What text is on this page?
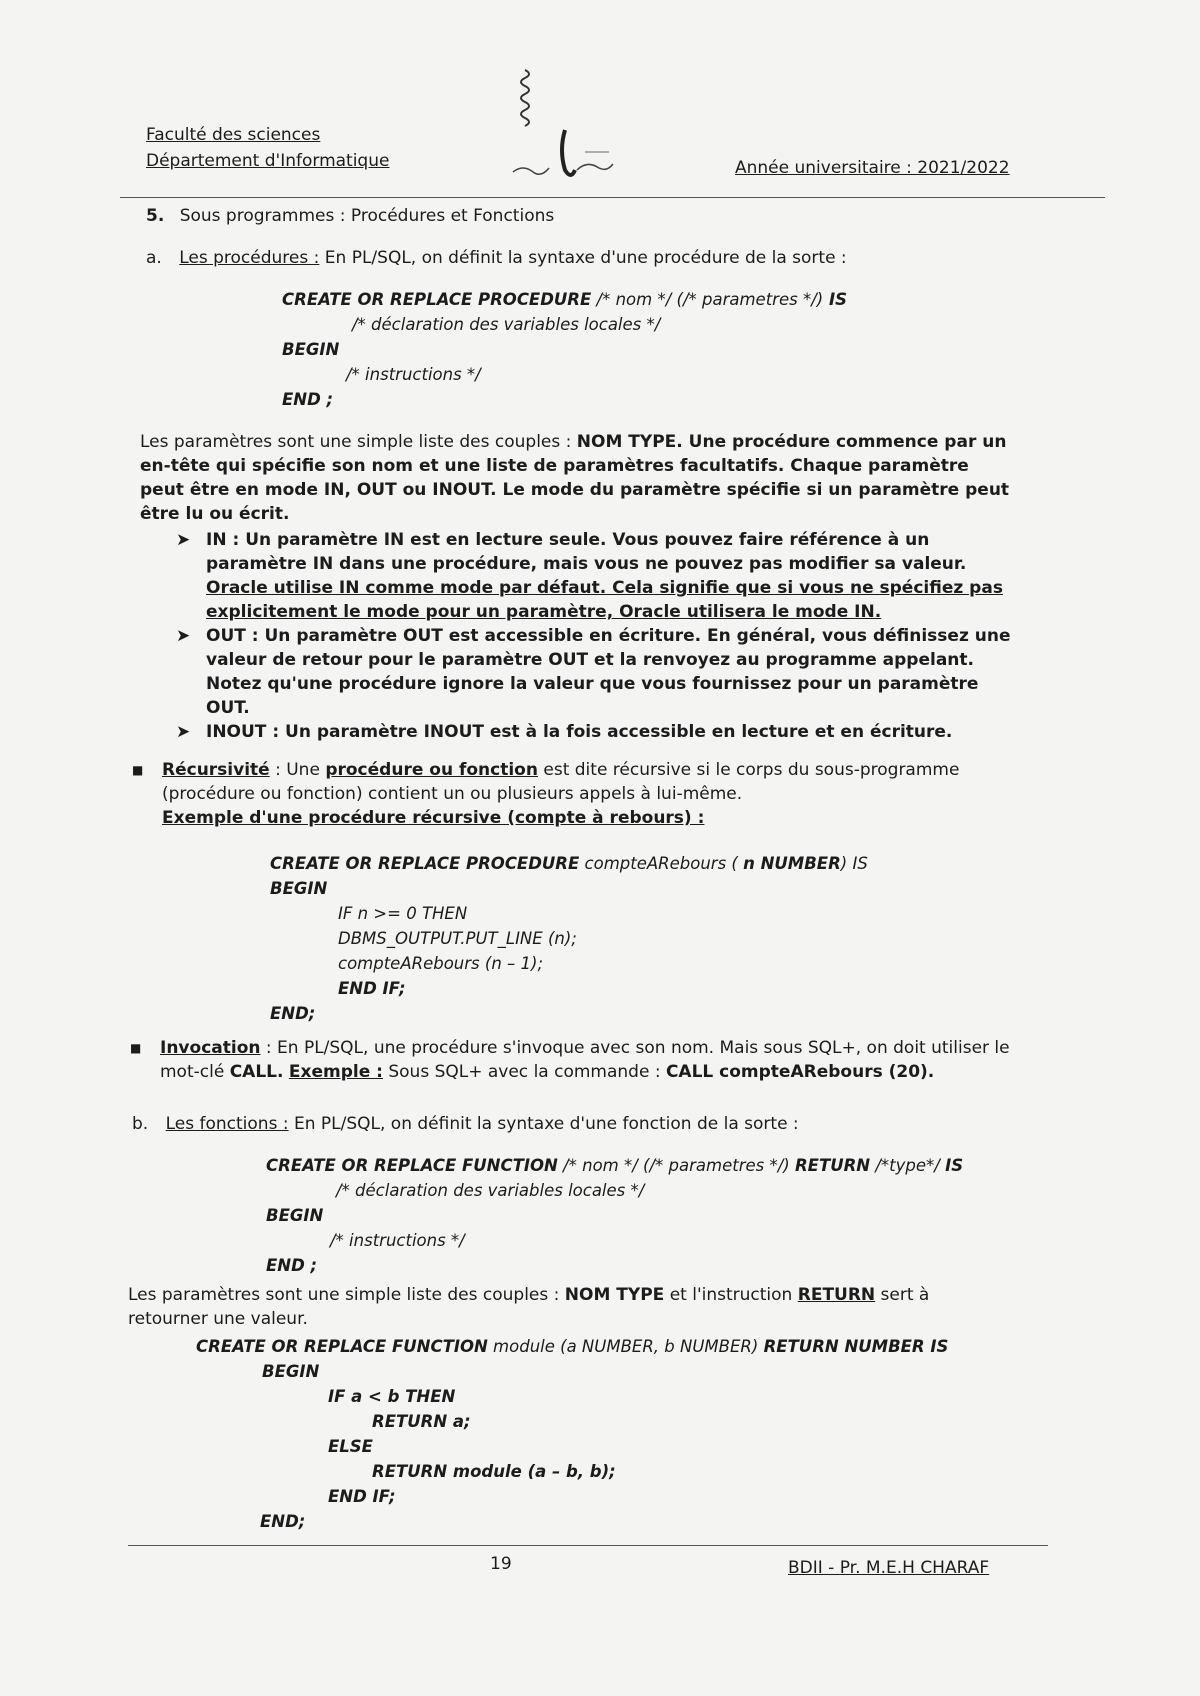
Faculté des sciences
Département d'Informatique	Année universitaire : 2021/2022
5. Sous programmes : Procédures et Fonctions
a. Les procédures : En PL/SQL, on définit la syntaxe d'une procédure de la sorte :
CREATE OR REPLACE PROCEDURE /* nom */ (/* parametres */) IS
/* déclaration des variables locales */
BEGIN
/* instructions */
END ;
Les paramètres sont une simple liste des couples : NOM TYPE. Une procédure commence par un en-tête qui spécifie son nom et une liste de paramètres facultatifs. Chaque paramètre peut être en mode IN, OUT ou INOUT. Le mode du paramètre spécifie si un paramètre peut être lu ou écrit.
➤ IN : Un paramètre IN est en lecture seule. Vous pouvez faire référence à un paramètre IN dans une procédure, mais vous ne pouvez pas modifier sa valeur. Oracle utilise IN comme mode par défaut. Cela signifie que si vous ne spécifiez pas explicitement le mode pour un paramètre, Oracle utilisera le mode IN.
➤ OUT : Un paramètre OUT est accessible en écriture. En général, vous définissez une valeur de retour pour le paramètre OUT et la renvoyez au programme appelant. Notez qu'une procédure ignore la valeur que vous fournissez pour un paramètre OUT.
➤ INOUT : Un paramètre INOUT est à la fois accessible en lecture et en écriture.
■ Récursivité : Une procédure ou fonction est dite récursive si le corps du sous-programme (procédure ou fonction) contient un ou plusieurs appels à lui-même.
Exemple d'une procédure récursive (compte à rebours) :
CREATE OR REPLACE PROCEDURE compteARebours ( n NUMBER) IS
BEGIN
IF n >= 0 THEN
DBMS_OUTPUT.PUT_LINE (n);
compteARebours (n – 1);
END IF;
END;
■ Invocation : En PL/SQL, une procédure s'invoque avec son nom. Mais sous SQL+, on doit utiliser le mot-clé CALL. Exemple : Sous SQL+ avec la commande : CALL compteARebours (20).
b. Les fonctions : En PL/SQL, on définit la syntaxe d'une fonction de la sorte :
CREATE OR REPLACE FUNCTION /* nom */ (/* parametres */) RETURN /*type*/ IS
/* déclaration des variables locales */
BEGIN
/* instructions */
END ;
Les paramètres sont une simple liste des couples : NOM TYPE et l'instruction RETURN sert à retourner une valeur.
CREATE OR REPLACE FUNCTION module (a NUMBER, b NUMBER) RETURN NUMBER IS
BEGIN
IF a < b THEN
RETURN a;
ELSE
RETURN module (a – b, b);
END IF;
END;
19	BDII - Pr. M.E.H CHARAF
